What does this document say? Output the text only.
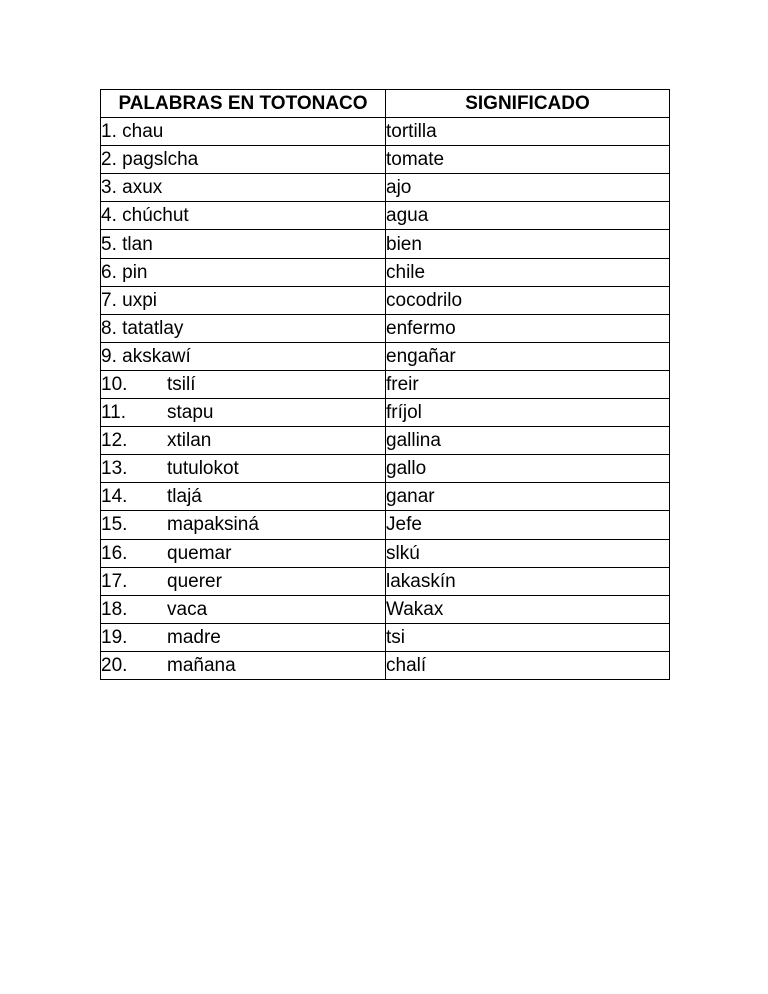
PALABRAS EN TOTONACO	SIGNIFICADO
1. chau	tortilla
2. pagslcha	tomate
3. axux	ajo
4. chúchut	agua
5. tlan	bien
6. pin	chile
7. uxpi	cocodrilo
8. tatatlay	enfermo
9. akskawí	engañar
10. tsilí	freir
11. stapu	fríjol
12. xtilan	gallina
13. tutulokot	gallo
14. tlajá	ganar
15. mapaksiná	Jefe
16. quemar	slkú
17. querer	lakaskín
18. vaca	Wakax
19. madre	tsi
20. mañana	chalí
